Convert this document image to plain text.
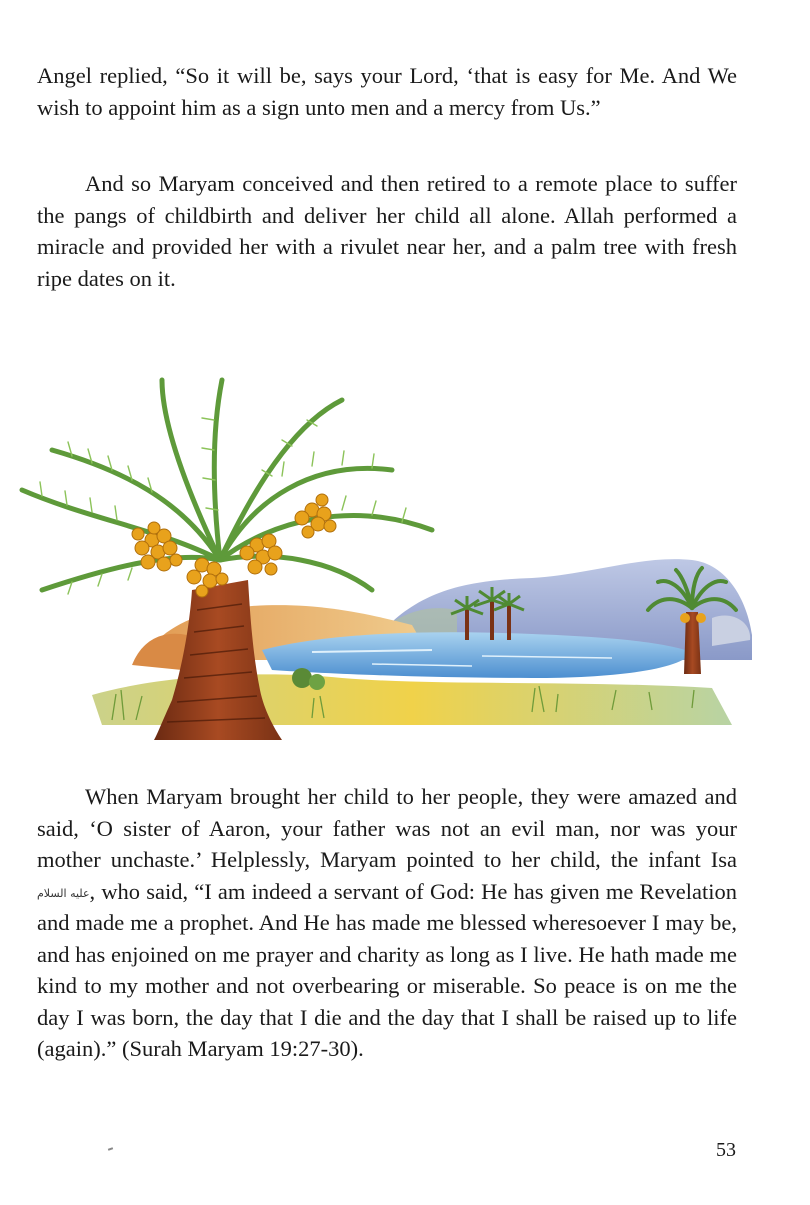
Angel replied, “So it will be, says your Lord, ‘that is easy for Me. And We wish to appoint him as a sign unto men and a mercy from Us.”

And so Maryam conceived and then retired to a remote place to suffer the pangs of childbirth and deliver her child all alone. Allah performed a miracle and provided her with a rivulet near her, and a palm tree with fresh ripe dates on it.

When Maryam brought her child to her people, they were amazed and said, ‘O sister of Aaron, your father was not an evil man, nor was your mother unchaste.’ Helplessly, Maryam pointed to her child, the infant Isa عليه السلام, who said, “I am indeed a servant of God: He has given me Revelation and made me a prophet. And He has made me blessed wheresoever I may be, and has enjoined on me prayer and charity as long as I live. He hath made me kind to my mother and not overbearing or miserable. So peace is on me the day I was born, the day that I die and the day that I shall be raised up to life (again).” (Surah Maryam 19:27-30).

53
